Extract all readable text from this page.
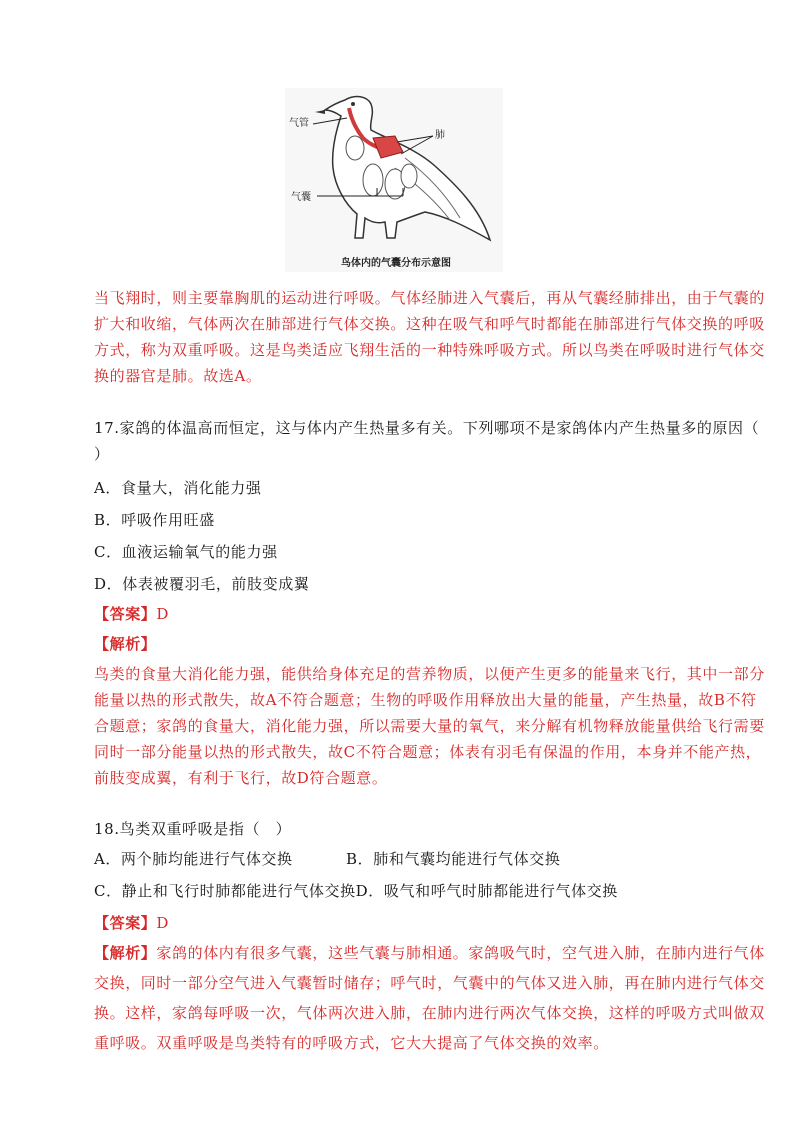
气管
肺
气囊
鸟体内的气囊分布示意图
当飞翔时，则主要靠胸肌的运动进行呼吸。气体经肺进入气囊后，再从气囊经肺排出，由于气囊的
扩大和收缩，气体两次在肺部进行气体交换。这种在吸气和呼气时都能在肺部进行气体交换的呼吸
方式，称为双重呼吸。这是鸟类适应飞翔生活的一种特殊呼吸方式。所以鸟类在呼吸时进行气体交
换的器官是肺。故选A。
17.家鸽的体温高而恒定，这与体内产生热量多有关。下列哪项不是家鸽体内产生热量多的原因（
）
A．食量大，消化能力强
B．呼吸作用旺盛
C．血液运输氧气的能力强
D．体表被覆羽毛，前肢变成翼
【答案】D
【解析】
鸟类的食量大消化能力强，能供给身体充足的营养物质，以便产生更多的能量来飞行，其中一部分
能量以热的形式散失，故A不符合题意；生物的呼吸作用释放出大量的能量，产生热量，故B不符
合题意；家鸽的食量大，消化能力强，所以需要大量的氧气，来分解有机物释放能量供给飞行需要
同时一部分能量以热的形式散失，故C不符合题意；体表有羽毛有保温的作用，本身并不能产热，
前肢变成翼，有利于飞行，故D符合题意。
18.鸟类双重呼吸是指（　）
A．两个肺均能进行气体交换	B．肺和气囊均能进行气体交换
C．静止和飞行时肺都能进行气体交换D．吸气和呼气时肺都能进行气体交换
【答案】D
【解析】家鸽的体内有很多气囊，这些气囊与肺相通。家鸽吸气时，空气进入肺，在肺内进行气体
交换，同时一部分空气进入气囊暂时储存；呼气时，气囊中的气体又进入肺，再在肺内进行气体交
换。这样，家鸽每呼吸一次，气体两次进入肺，在肺内进行两次气体交换，这样的呼吸方式叫做双
重呼吸。双重呼吸是鸟类特有的呼吸方式，它大大提高了气体交换的效率。
